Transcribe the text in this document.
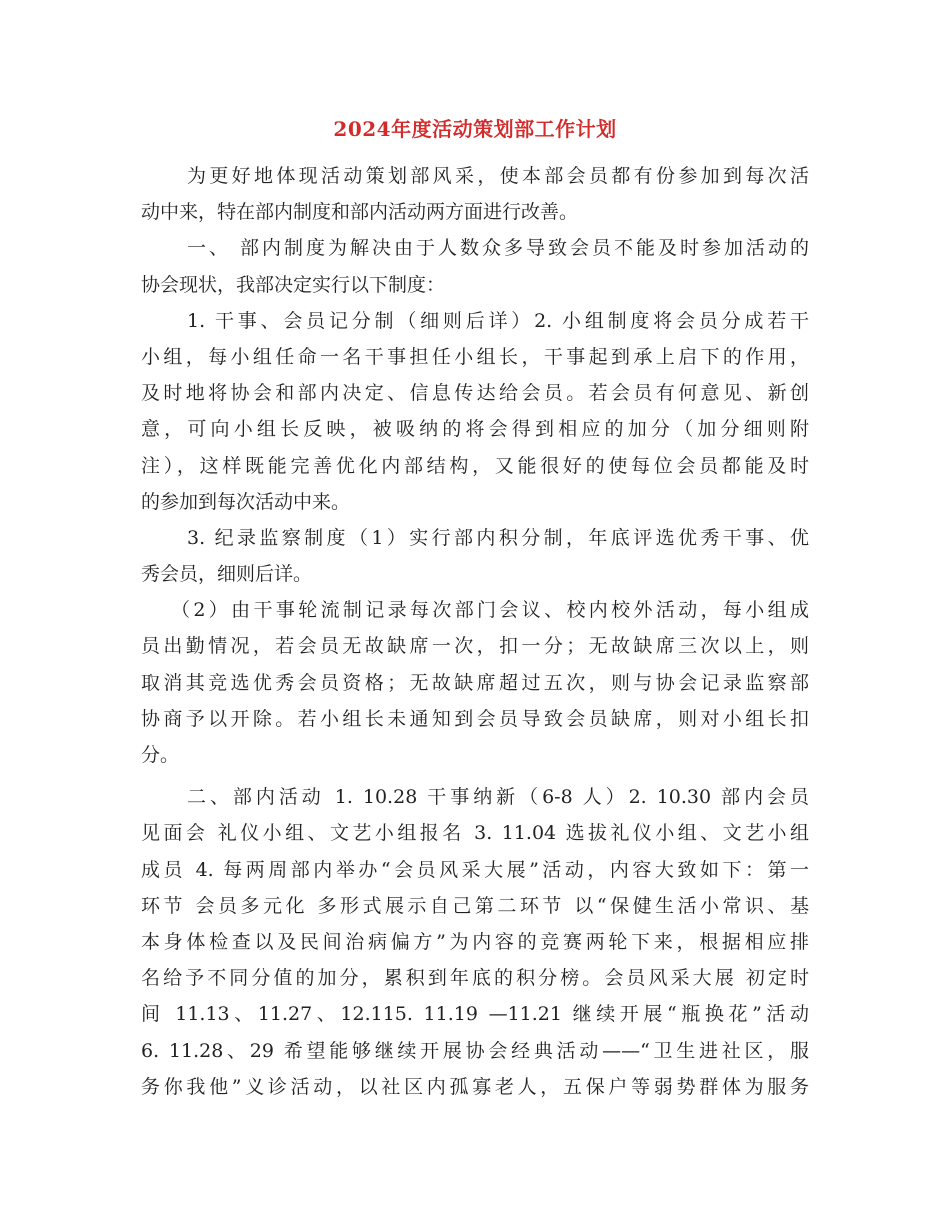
2024年度活动策划部工作计划
为更好地体现活动策划部风采，使本部会员都有份参加到每次活
动中来，特在部内制度和部内活动两方面进行改善。
一、 部内制度为解决由于人数众多导致会员不能及时参加活动的
协会现状，我部决定实行以下制度：
1. 干事、会员记分制（细则后详）2. 小组制度将会员分成若干
小组，每小组任命一名干事担任小组长，干事起到承上启下的作用，
及时地将协会和部内决定、信息传达给会员。若会员有何意见、新创
意，可向小组长反映，被吸纳的将会得到相应的加分（加分细则附
注），这样既能完善优化内部结构，又能很好的使每位会员都能及时
的参加到每次活动中来。
3. 纪录监察制度（1）实行部内积分制，年底评选优秀干事、优
秀会员，细则后详。
（2）由干事轮流制记录每次部门会议、校内校外活动，每小组成
员出勤情况，若会员无故缺席一次，扣一分；无故缺席三次以上，则
取消其竞选优秀会员资格；无故缺席超过五次，则与协会记录监察部
协商予以开除。若小组长未通知到会员导致会员缺席，则对小组长扣
分。
二、部内活动 1. 10.28 干事纳新（6-8 人）2. 10.30 部内会员
见面会 礼仪小组、文艺小组报名 3. 11.04 选拔礼仪小组、文艺小组
成员 4. 每两周部内举办“会员风采大展”活动，内容大致如下：第一
环节 会员多元化 多形式展示自己第二环节 以“保健生活小常识、基
本身体检查以及民间治病偏方”为内容的竞赛两轮下来，根据相应排
名给予不同分值的加分，累积到年底的积分榜。会员风采大展 初定时
间 11.13、11.27、12.115. 11.19 —11.21 继续开展“瓶换花”活动
6. 11.28、29 希望能够继续开展协会经典活动——“卫生进社区，服
务你我他”义诊活动，以社区内孤寡老人，五保户等弱势群体为服务
